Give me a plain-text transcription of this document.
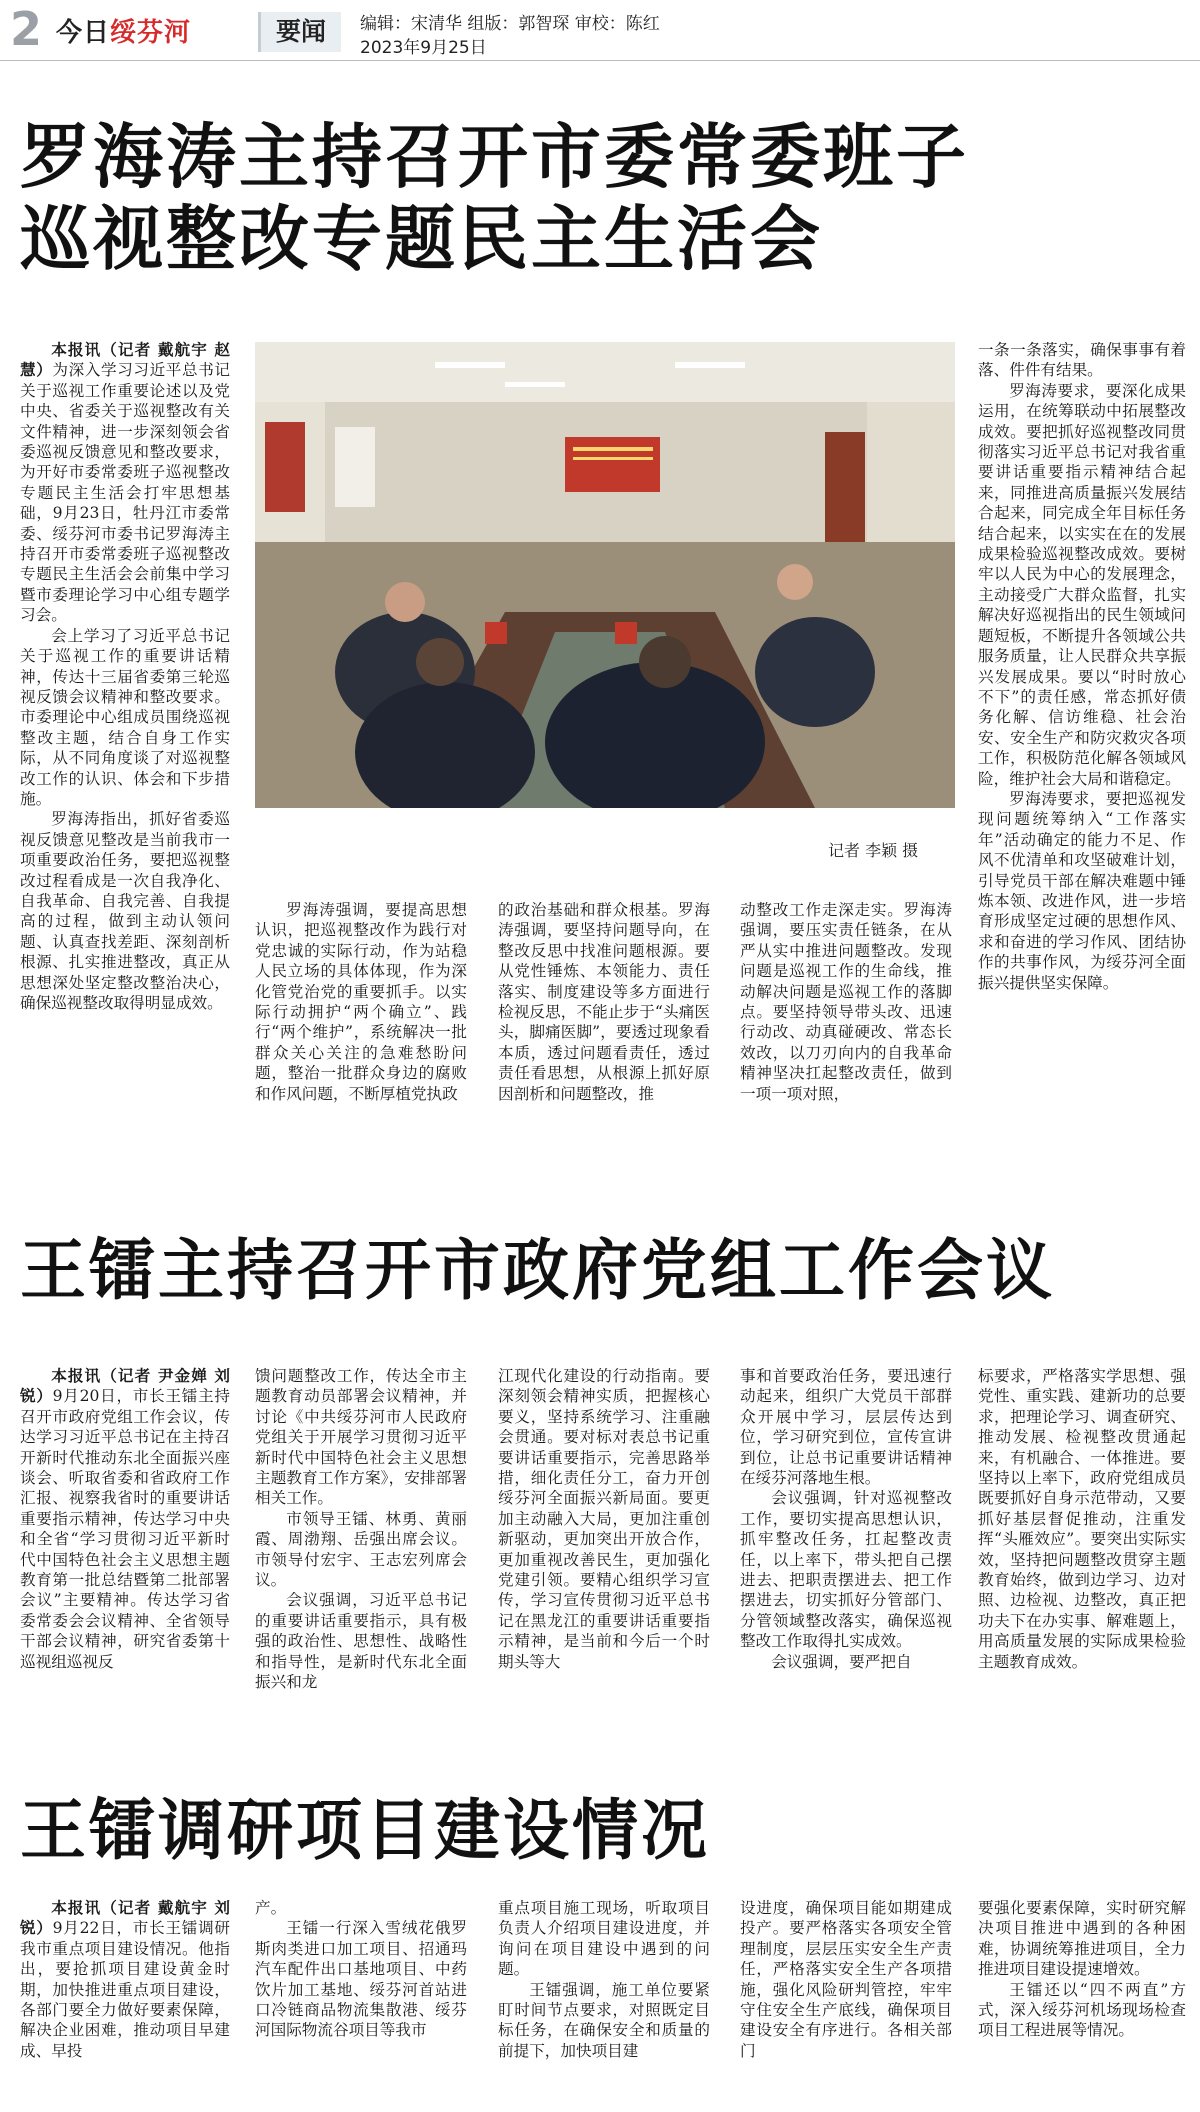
2 今日绥芬河	要闻	编辑：宋清华 组版：郭智琛 审校：陈红
2023年9月25日
罗海涛主持召开市委常委班子
巡视整改专题民主生活会

本报讯（记者 戴航宇 赵慧）为深入学习习近平总书记关于巡视工作重要论述以及党中央、省委关于巡视整改有关文件精神，进一步深刻领会省委巡视反馈意见和整改要求，为开好市委常委班子巡视整改专题民主生活会打牢思想基础，9月23日，牡丹江市委常委、绥芬河市委书记罗海涛主持召开市委常委班子巡视整改专题民主生活会会前集中学习暨市委理论学习中心组专题学习会。

会上学习了习近平总书记关于巡视工作的重要讲话精神，传达十三届省委第三轮巡视反馈会议精神和整改要求。市委理论中心组成员围绕巡视整改主题，结合自身工作实际，从不同角度谈了对巡视整改工作的认识、体会和下步措施。

罗海涛指出，抓好省委巡视反馈意见整改是当前我市一项重要政治任务，要把巡视整改过程看成是一次自我净化、自我革命、自我完善、自我提高的过程，做到主动认领问题、认真查找差距、深刻剖析根源、扎实推进整改，真正从思想深处坚定整改整治决心，确保巡视整改取得明显成效。

记者 李颖 摄
罗海涛强调，要提高思想认识，把巡视整改作为践行对党忠诚的实际行动，作为站稳人民立场的具体体现，作为深化管党治党的重要抓手。以实际行动拥护“两个确立”、践行“两个维护”，系统解决一批群众关心关注的急难愁盼问题，整治一批群众身边的腐败和作风问题，不断厚植党执政
的政治基础和群众根基。罗海涛强调，要坚持问题导向，在整改反思中找准问题根源。要从党性锤炼、本领能力、责任落实、制度建设等多方面进行检视反思，不能止步于“头痛医头，脚痛医脚”，要透过现象看本质，透过问题看责任，透过责任看思想，从根源上抓好原因剖析和问题整改，推
动整改工作走深走实。罗海涛强调，要压实责任链条，在从严从实中推进问题整改。发现问题是巡视工作的生命线，推动解决问题是巡视工作的落脚点。要坚持领导带头改、迅速行动改、动真碰硬改、常态长效改，以刀刃向内的自我革命精神坚决扛起整改责任，做到一项一项对照，

一条一条落实，确保事事有着落、件件有结果。

罗海涛要求，要深化成果运用，在统筹联动中拓展整改成效。要把抓好巡视整改同贯彻落实习近平总书记对我省重要讲话重要指示精神结合起来，同推进高质量振兴发展结合起来，同完成全年目标任务结合起来，以实实在在的发展成果检验巡视整改成效。要树牢以人民为中心的发展理念，主动接受广大群众监督，扎实解决好巡视指出的民生领域问题短板，不断提升各领域公共服务质量，让人民群众共享振兴发展成果。要以“时时放心不下”的责任感，常态抓好债务化解、信访维稳、社会治安、安全生产和防灾救灾各项工作，积极防范化解各领域风险，维护社会大局和谐稳定。

罗海涛要求，要把巡视发现问题统筹纳入“工作落实年”活动确定的能力不足、作风不优清单和攻坚破难计划，引导党员干部在解决难题中锤炼本领、改进作风，进一步培育形成坚定过硬的思想作风、求和奋进的学习作风、团结协作的共事作风，为绥芬河全面振兴提供坚实保障。

王镭主持召开市政府党组工作会议
本报讯（记者 尹金婵 刘锐）9月20日，市长王镭主持召开市政府党组工作会议，传达学习习近平总书记在主持召开新时代推动东北全面振兴座谈会、听取省委和省政府工作汇报、视察我省时的重要讲话重要指示精神，传达学习中央和全省“学习贯彻习近平新时代中国特色社会主义思想主题教育第一批总结暨第二批部署会议”主要精神。传达学习省委常委会会议精神、全省领导干部会议精神，研究省委第十巡视组巡视反

馈问题整改工作，传达全市主题教育动员部署会议精神，并讨论《中共绥芬河市人民政府党组关于开展学习贯彻习近平新时代中国特色社会主义思想主题教育工作方案》，安排部署相关工作。

市领导王镭、林勇、黄丽霞、周渤翔、岳强出席会议。市领导付宏宇、王志宏列席会议。

会议强调，习近平总书记的重要讲话重要指示，具有极强的政治性、思想性、战略性和指导性，是新时代东北全面振兴和龙

江现代化建设的行动指南。要深刻领会精神实质，把握核心要义，坚持系统学习、注重融会贯通。要对标对表总书记重要讲话重要指示，完善思路举措，细化责任分工，奋力开创绥芬河全面振兴新局面。要更加主动融入大局，更加注重创新驱动，更加突出开放合作，更加重视改善民生，更加强化党建引领。要精心组织学习宣传，学习宣传贯彻习近平总书记在黑龙江的重要讲话重要指示精神，是当前和今后一个时期头等大

事和首要政治任务，要迅速行动起来，组织广大党员干部群众开展中学习，层层传达到位，学习研究到位，宣传宣讲到位，让总书记重要讲话精神在绥芬河落地生根。

会议强调，针对巡视整改工作，要切实提高思想认识，抓牢整改任务，扛起整改责任，以上率下，带头把自己摆进去、把职责摆进去、把工作摆进去，切实抓好分管部门、分管领域整改落实，确保巡视整改工作取得扎实成效。

会议强调，要严把自

标要求，严格落实学思想、强党性、重实践、建新功的总要求，把理论学习、调查研究、推动发展、检视整改贯通起来，有机融合、一体推进。要坚持以上率下，政府党组成员既要抓好自身示范带动，又要抓好基层督促推动，注重发挥“头雁效应”。要突出实际实效，坚持把问题整改贯穿主题教育始终，做到边学习、边对照、边检视、边整改，真正把功夫下在办实事、解难题上，用高质量发展的实际成果检验主题教育成效。
王镭调研项目建设情况
本报讯（记者 戴航宇 刘锐）9月22日，市长王镭调研我市重点项目建设情况。他指出，要抢抓项目建设黄金时期，加快推进重点项目建设，各部门要全力做好要素保障，解决企业困难，推动项目早建成、早投

产。

王镭一行深入雪绒花俄罗斯肉类进口加工项目、招通玛汽车配件出口基地项目、中药饮片加工基地、绥芬河首站进口冷链商品物流集散港、绥芬河国际物流谷项目等我市

重点项目施工现场，听取项目负责人介绍项目建设进度，并询问在项目建设中遇到的问题。

王镭强调，施工单位要紧盯时间节点要求，对照既定目标任务，在确保安全和质量的前提下，加快项目建

设进度，确保项目能如期建成投产。要严格落实各项安全管理制度，层层压实安全生产责任，严格落实安全生产各项措施，强化风险研判管控，牢牢守住安全生产底线，确保项目建设安全有序进行。各相关部门

要强化要素保障，实时研究解决项目推进中遇到的各种困难，协调统筹推进项目，全力推进项目建设提速增效。

王镭还以“四不两直”方式，深入绥芬河机场现场检查项目工程进展等情况。
